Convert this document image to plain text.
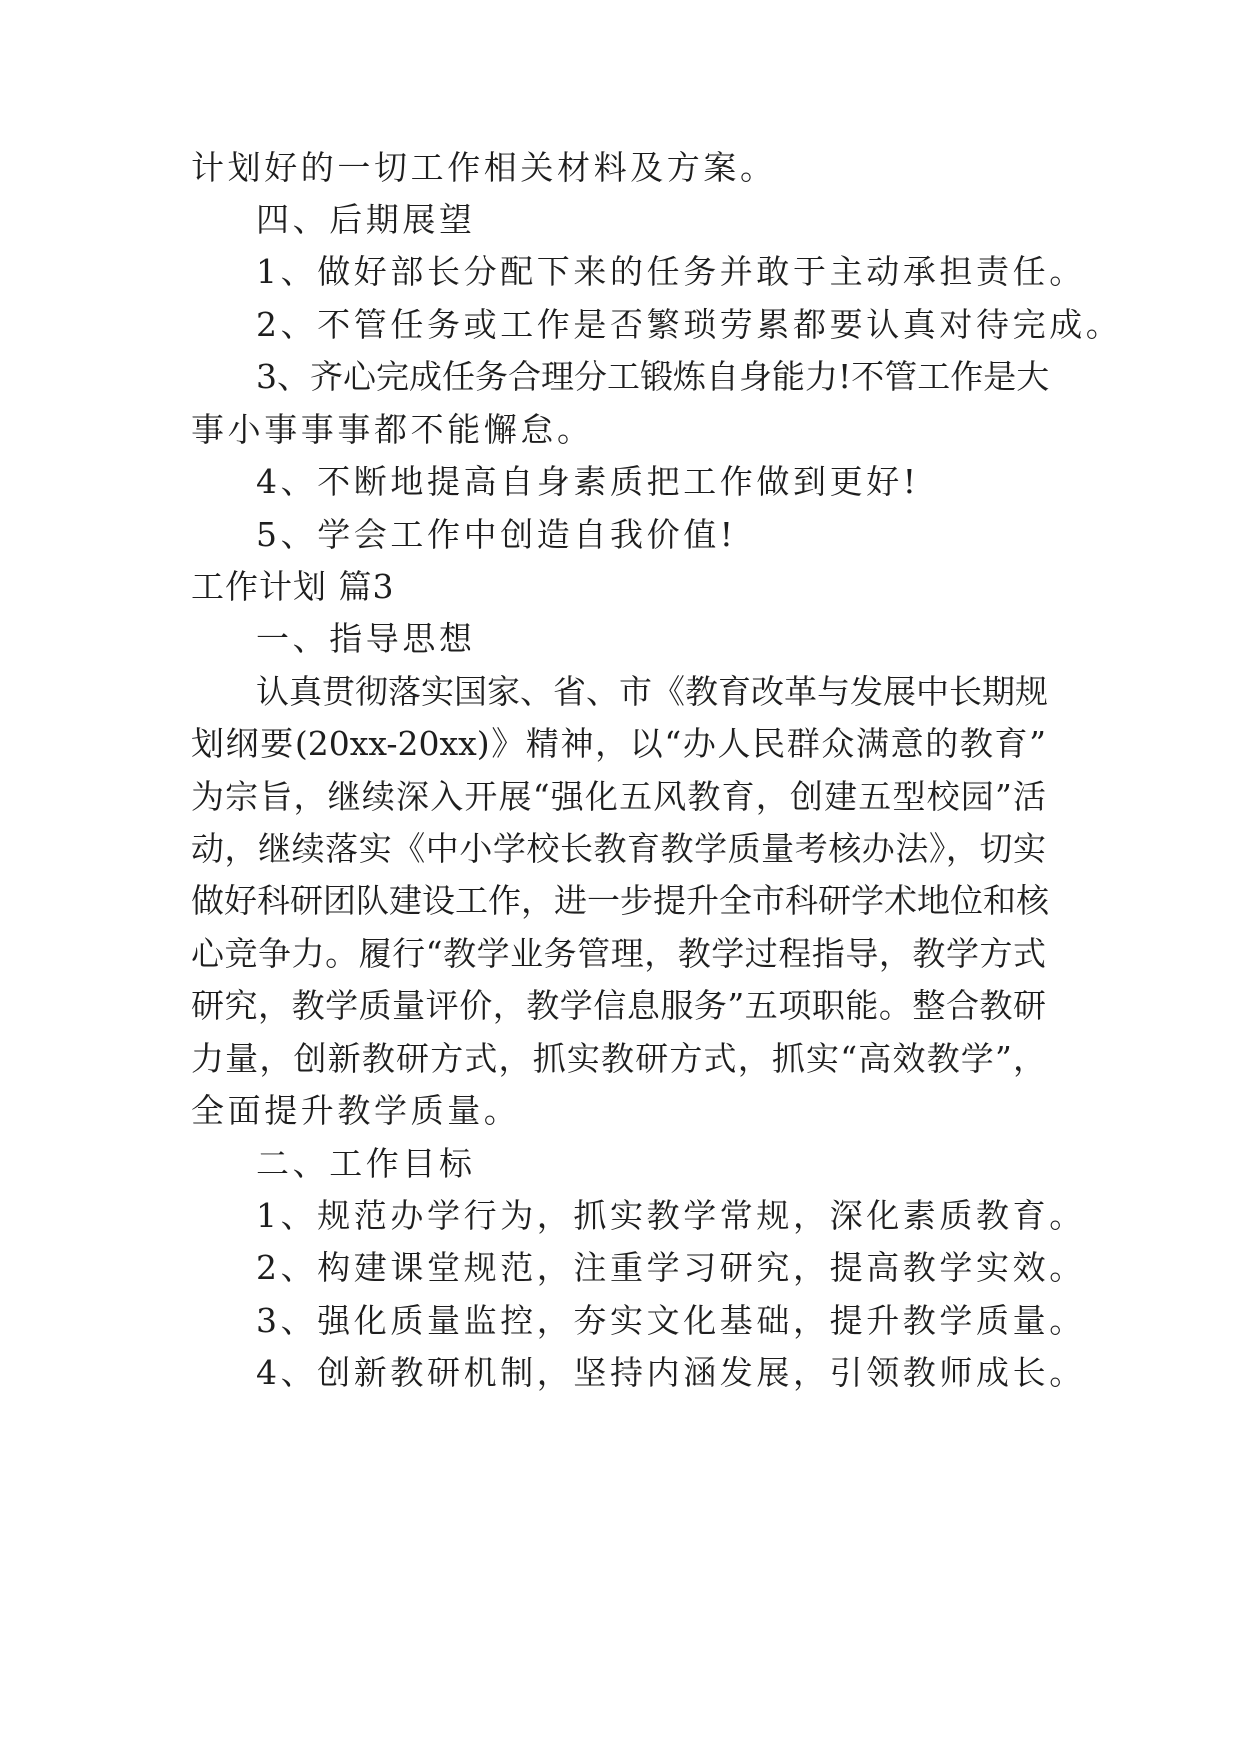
计划好的一切工作相关材料及方案。
四、后期展望
1、做好部长分配下来的任务并敢于主动承担责任。
2、不管任务或工作是否繁琐劳累都要认真对待完成。
3、齐心完成任务合理分工锻炼自身能力!不管工作是大
事小事事事都不能懈怠。
4、不断地提高自身素质把工作做到更好!
5、学会工作中创造自我价值!
工作计划 篇3
一、指导思想
认真贯彻落实国家、省、市《教育改革与发展中长期规
划纲要(20xx-20xx)》精神，以“办人民群众满意的教育”
为宗旨，继续深入开展“强化五风教育，创建五型校园”活
动，继续落实《中小学校长教育教学质量考核办法》，切实
做好科研团队建设工作，进一步提升全市科研学术地位和核
心竞争力。履行“教学业务管理，教学过程指导，教学方式
研究，教学质量评价，教学信息服务”五项职能。整合教研
力量，创新教研方式，抓实教研方式，抓实“高效教学”，
全面提升教学质量。
二、工作目标
1、规范办学行为，抓实教学常规，深化素质教育。
2、构建课堂规范，注重学习研究，提高教学实效。
3、强化质量监控，夯实文化基础，提升教学质量。
4、创新教研机制，坚持内涵发展，引领教师成长。
